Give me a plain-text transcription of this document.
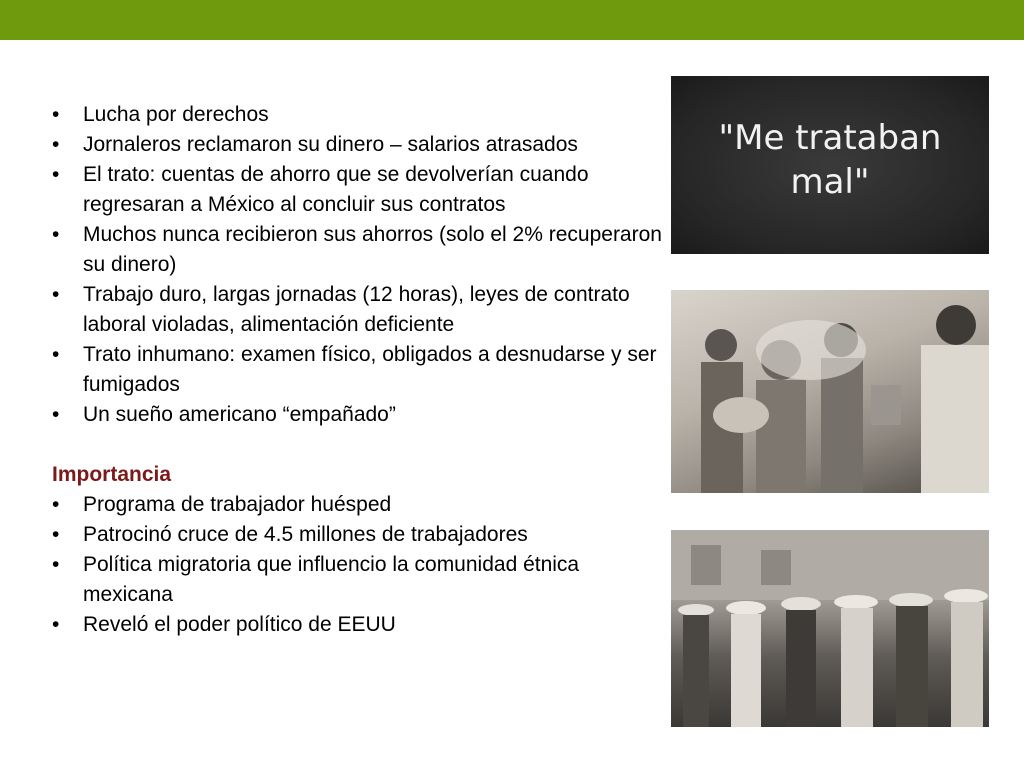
• Lucha por derechos
• Jornaleros reclamaron su dinero – salarios atrasados
• El trato: cuentas de ahorro que se devolverían cuando regresaran a México al concluir sus contratos
• Muchos nunca recibieron sus ahorros (solo el 2% recuperaron su dinero)
• Trabajo duro, largas jornadas (12 horas), leyes de contrato laboral violadas, alimentación deficiente
• Trato inhumano: examen físico, obligados a desnudarse y ser fumigados
• Un sueño americano “empañado”
Importancia
• Programa de trabajador huésped
• Patrocinó cruce de 4.5 millones de trabajadores
• Política migratoria que influencio la comunidad étnica mexicana
• Reveló el poder político de EEUU
"Me trataban
mal"
